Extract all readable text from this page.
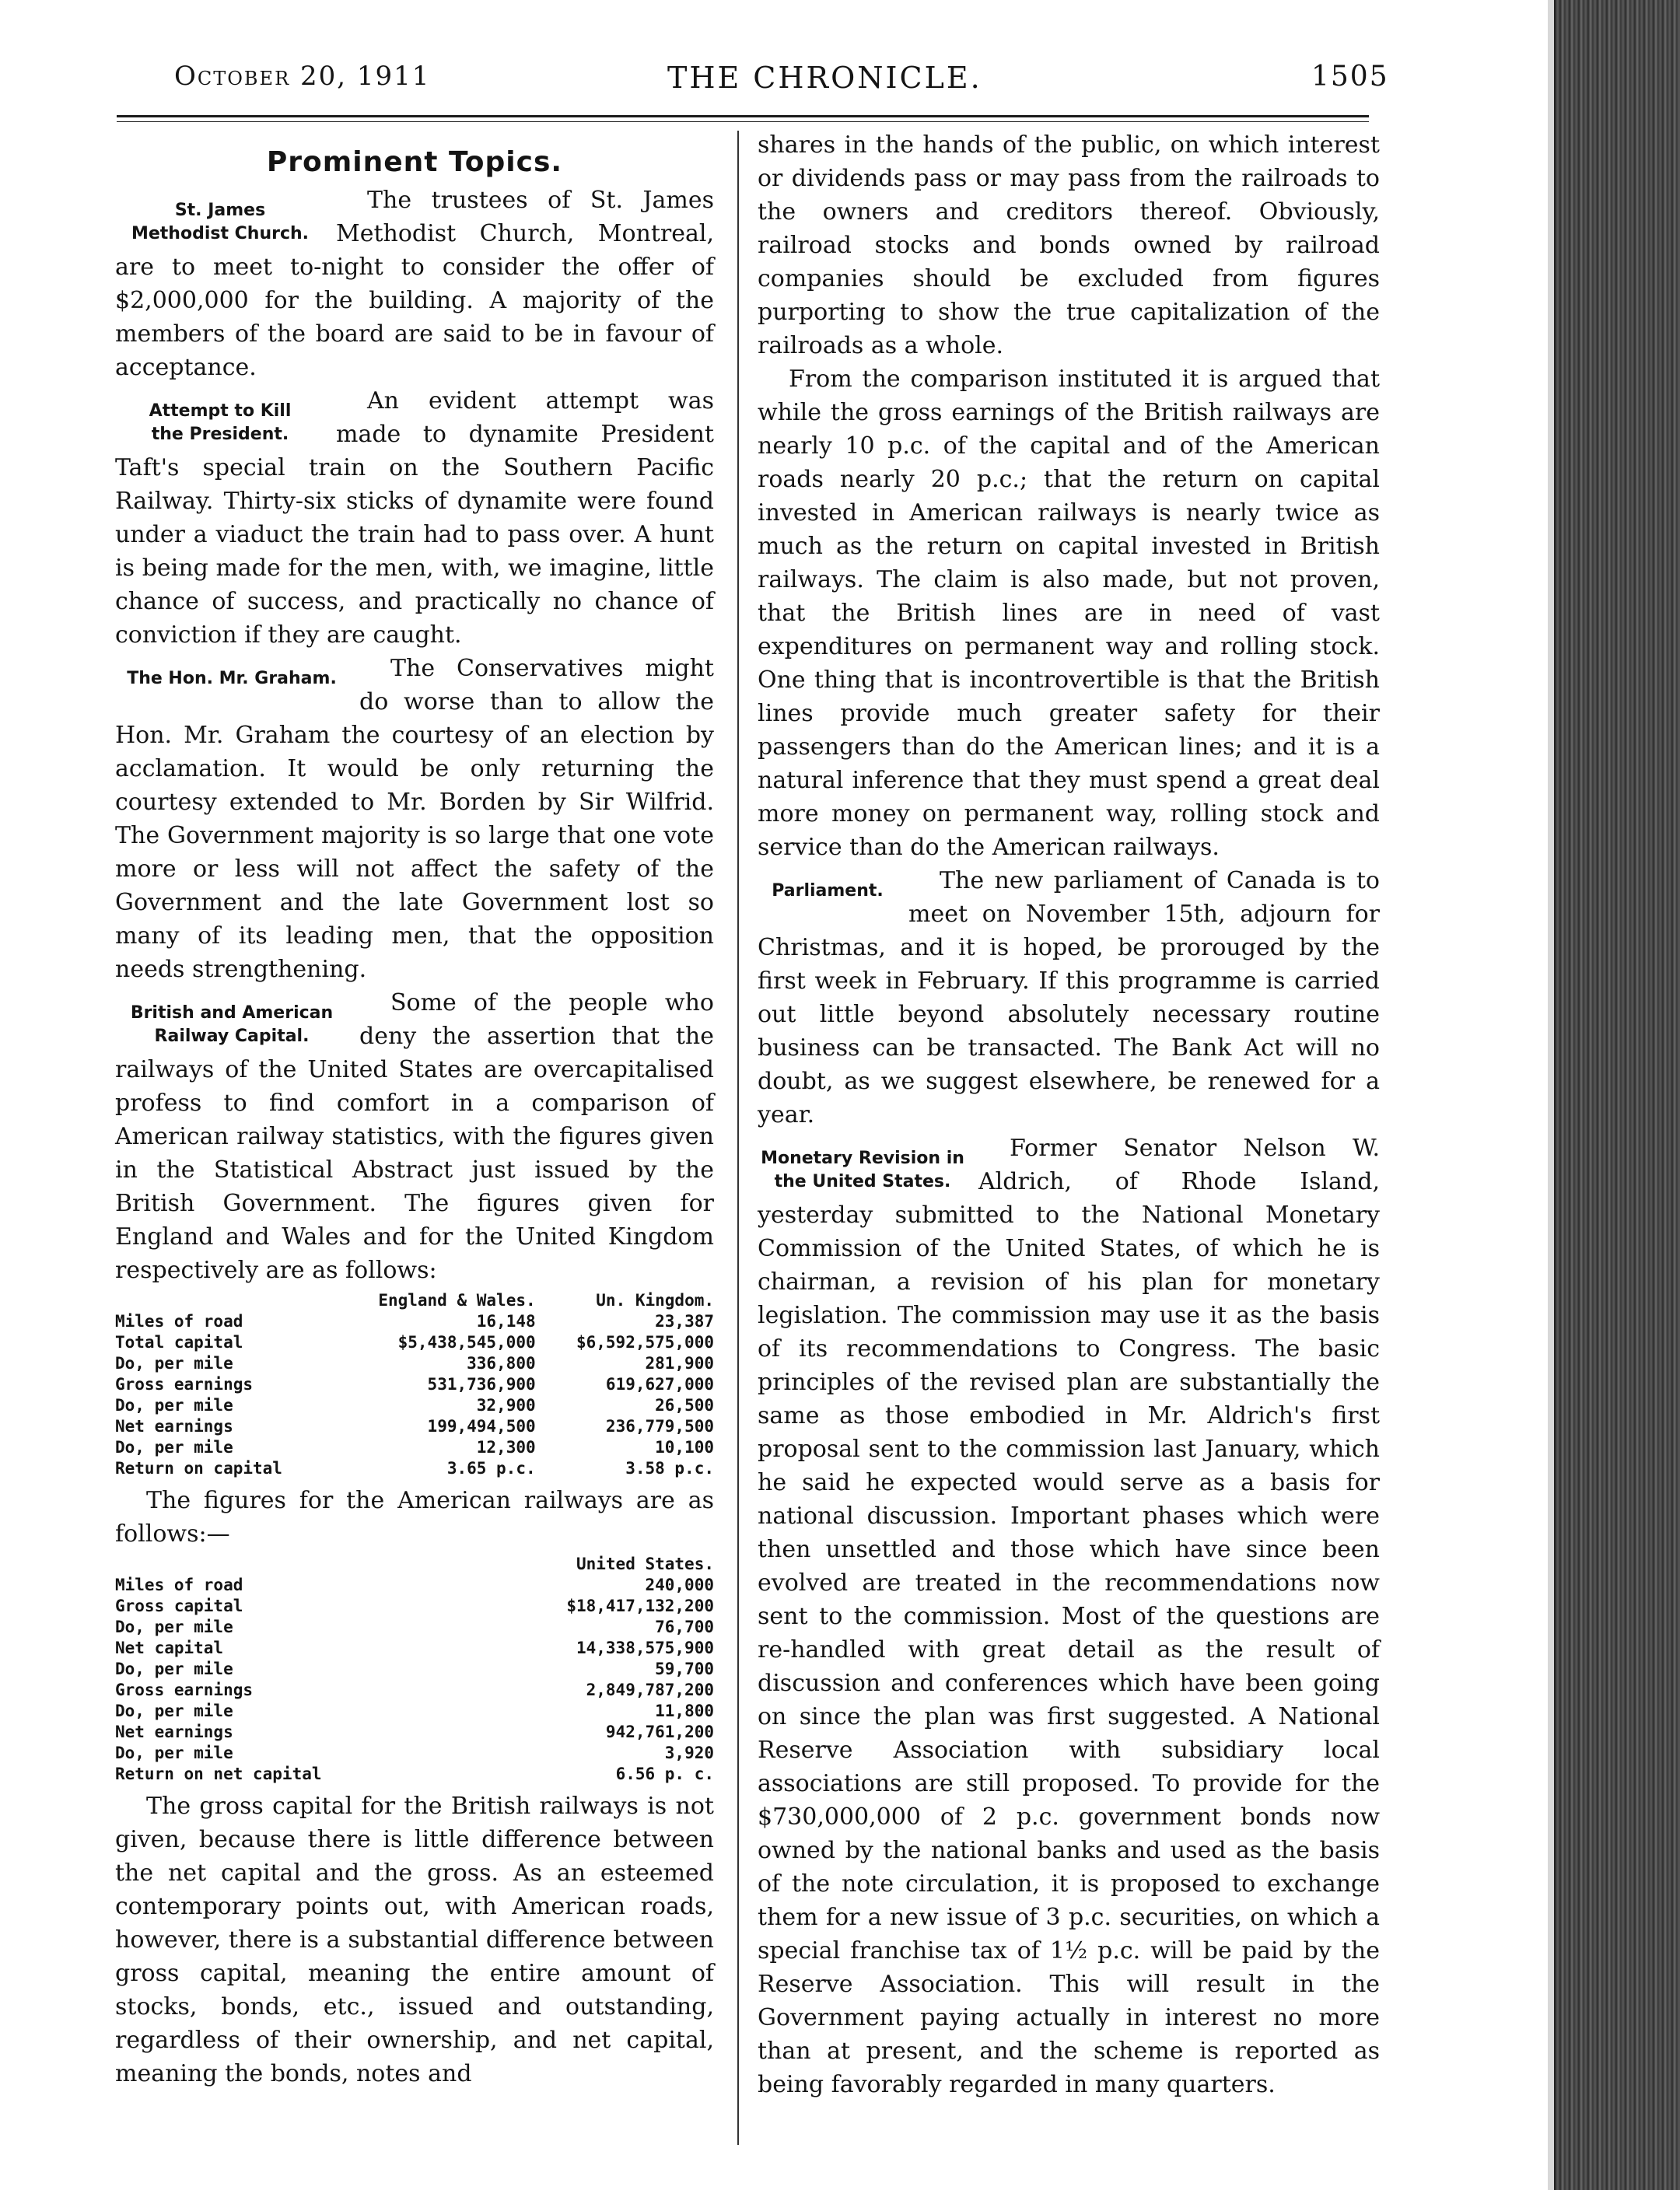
October 20, 1911	THE CHRONICLE.	1505
Prominent Topics.
St. James
Methodist Church.

The trustees of St. James Methodist Church, Montreal, are to meet to-night to consider the offer of $2,000,000 for the building. A majority of the members of the board are said to be in favour of acceptance.

Attempt to Kill
the President.

An evident attempt was made to dynamite President Taft's special train on the Southern Pacific Railway. Thirty-six sticks of dynamite were found under a viaduct the train had to pass over. A hunt is being made for the men, with, we imagine, little chance of success, and practically no chance of conviction if they are caught.

The Hon. Mr. Graham.	The Conservatives might do worse than to allow the Hon. Mr. Graham the courtesy of an election by acclamation. It would be only returning the courtesy extended to Mr. Borden by Sir Wilfrid. The Government majority is so large that one vote more or less will not affect the safety of the Government and the late Government lost so many of its leading men, that the opposition needs strengthening.

British and American
Railway Capital.

Some of the people who deny the assertion that the railways of the United States are overcapitalised profess to find comfort in a comparison of American railway statistics, with the figures given in the Statistical Abstract just issued by the British Government. The figures given for England and Wales and for the United Kingdom respectively are as follows:

	England & Wales.	Un. Kingdom.
Miles of road	16,148	23,387
Total capital	$5,438,545,000	$6,592,575,000
Do, per mile	336,800	281,900
Gross earnings	531,736,900	619,627,000
Do, per mile	32,900	26,500
Net earnings	199,494,500	236,779,500
Do, per mile	12,300	10,100
Return on capital	3.65 p.c.	3.58 p.c.

The figures for the American railways are as follows:—

	United States.
Miles of road	240,000
Gross capital	$18,417,132,200
Do, per mile	76,700
Net capital	14,338,575,900
Do, per mile	59,700
Gross earnings	2,849,787,200
Do, per mile	11,800
Net earnings	942,761,200
Do, per mile	3,920
Return on net capital	6.56 p. c.

The gross capital for the British railways is not given, because there is little difference between the net capital and the gross. As an esteemed contemporary points out, with American roads, however, there is a substantial difference between gross capital, meaning the entire amount of stocks, bonds, etc., issued and outstanding, regardless of their ownership, and net capital, meaning the bonds, notes and

shares in the hands of the public, on which interest or dividends pass or may pass from the railroads to the owners and creditors thereof. Obviously, railroad stocks and bonds owned by railroad companies should be excluded from figures purporting to show the true capitalization of the railroads as a whole.

From the comparison instituted it is argued that while the gross earnings of the British railways are nearly 10 p.c. of the capital and of the American roads nearly 20 p.c.; that the return on capital invested in American railways is nearly twice as much as the return on capital invested in British railways. The claim is also made, but not proven, that the British lines are in need of vast expenditures on permanent way and rolling stock. One thing that is incontrovertible is that the British lines provide much greater safety for their passengers than do the American lines; and it is a natural inference that they must spend a great deal more money on permanent way, rolling stock and service than do the American railways.

Parliament.	The new parliament of Canada is to meet on November 15th, adjourn for Christmas, and it is hoped, be prorouged by the first week in February. If this programme is carried out little beyond absolutely necessary routine business can be transacted. The Bank Act will no doubt, as we suggest elsewhere, be renewed for a year.

Monetary Revision in
the United States.

Former Senator Nelson W. Aldrich, of Rhode Island, yesterday submitted to the National Monetary Commission of the United States, of which he is chairman, a revision of his plan for monetary legislation. The commission may use it as the basis of its recommendations to Congress. The basic principles of the revised plan are substantially the same as those embodied in Mr. Aldrich's first proposal sent to the commission last January, which he said he expected would serve as a basis for national discussion. Important phases which were then unsettled and those which have since been evolved are treated in the recommendations now sent to the commission. Most of the questions are re-handled with great detail as the result of discussion and conferences which have been going on since the plan was first suggested. A National Reserve Association with subsidiary local associations are still proposed. To provide for the $730,000,000 of 2 p.c. government bonds now owned by the national banks and used as the basis of the note circulation, it is proposed to exchange them for a new issue of 3 p.c. securities, on which a special franchise tax of 1½ p.c. will be paid by the Reserve Association. This will result in the Government paying actually in interest no more than at present, and the scheme is reported as being favorably regarded in many quarters.
